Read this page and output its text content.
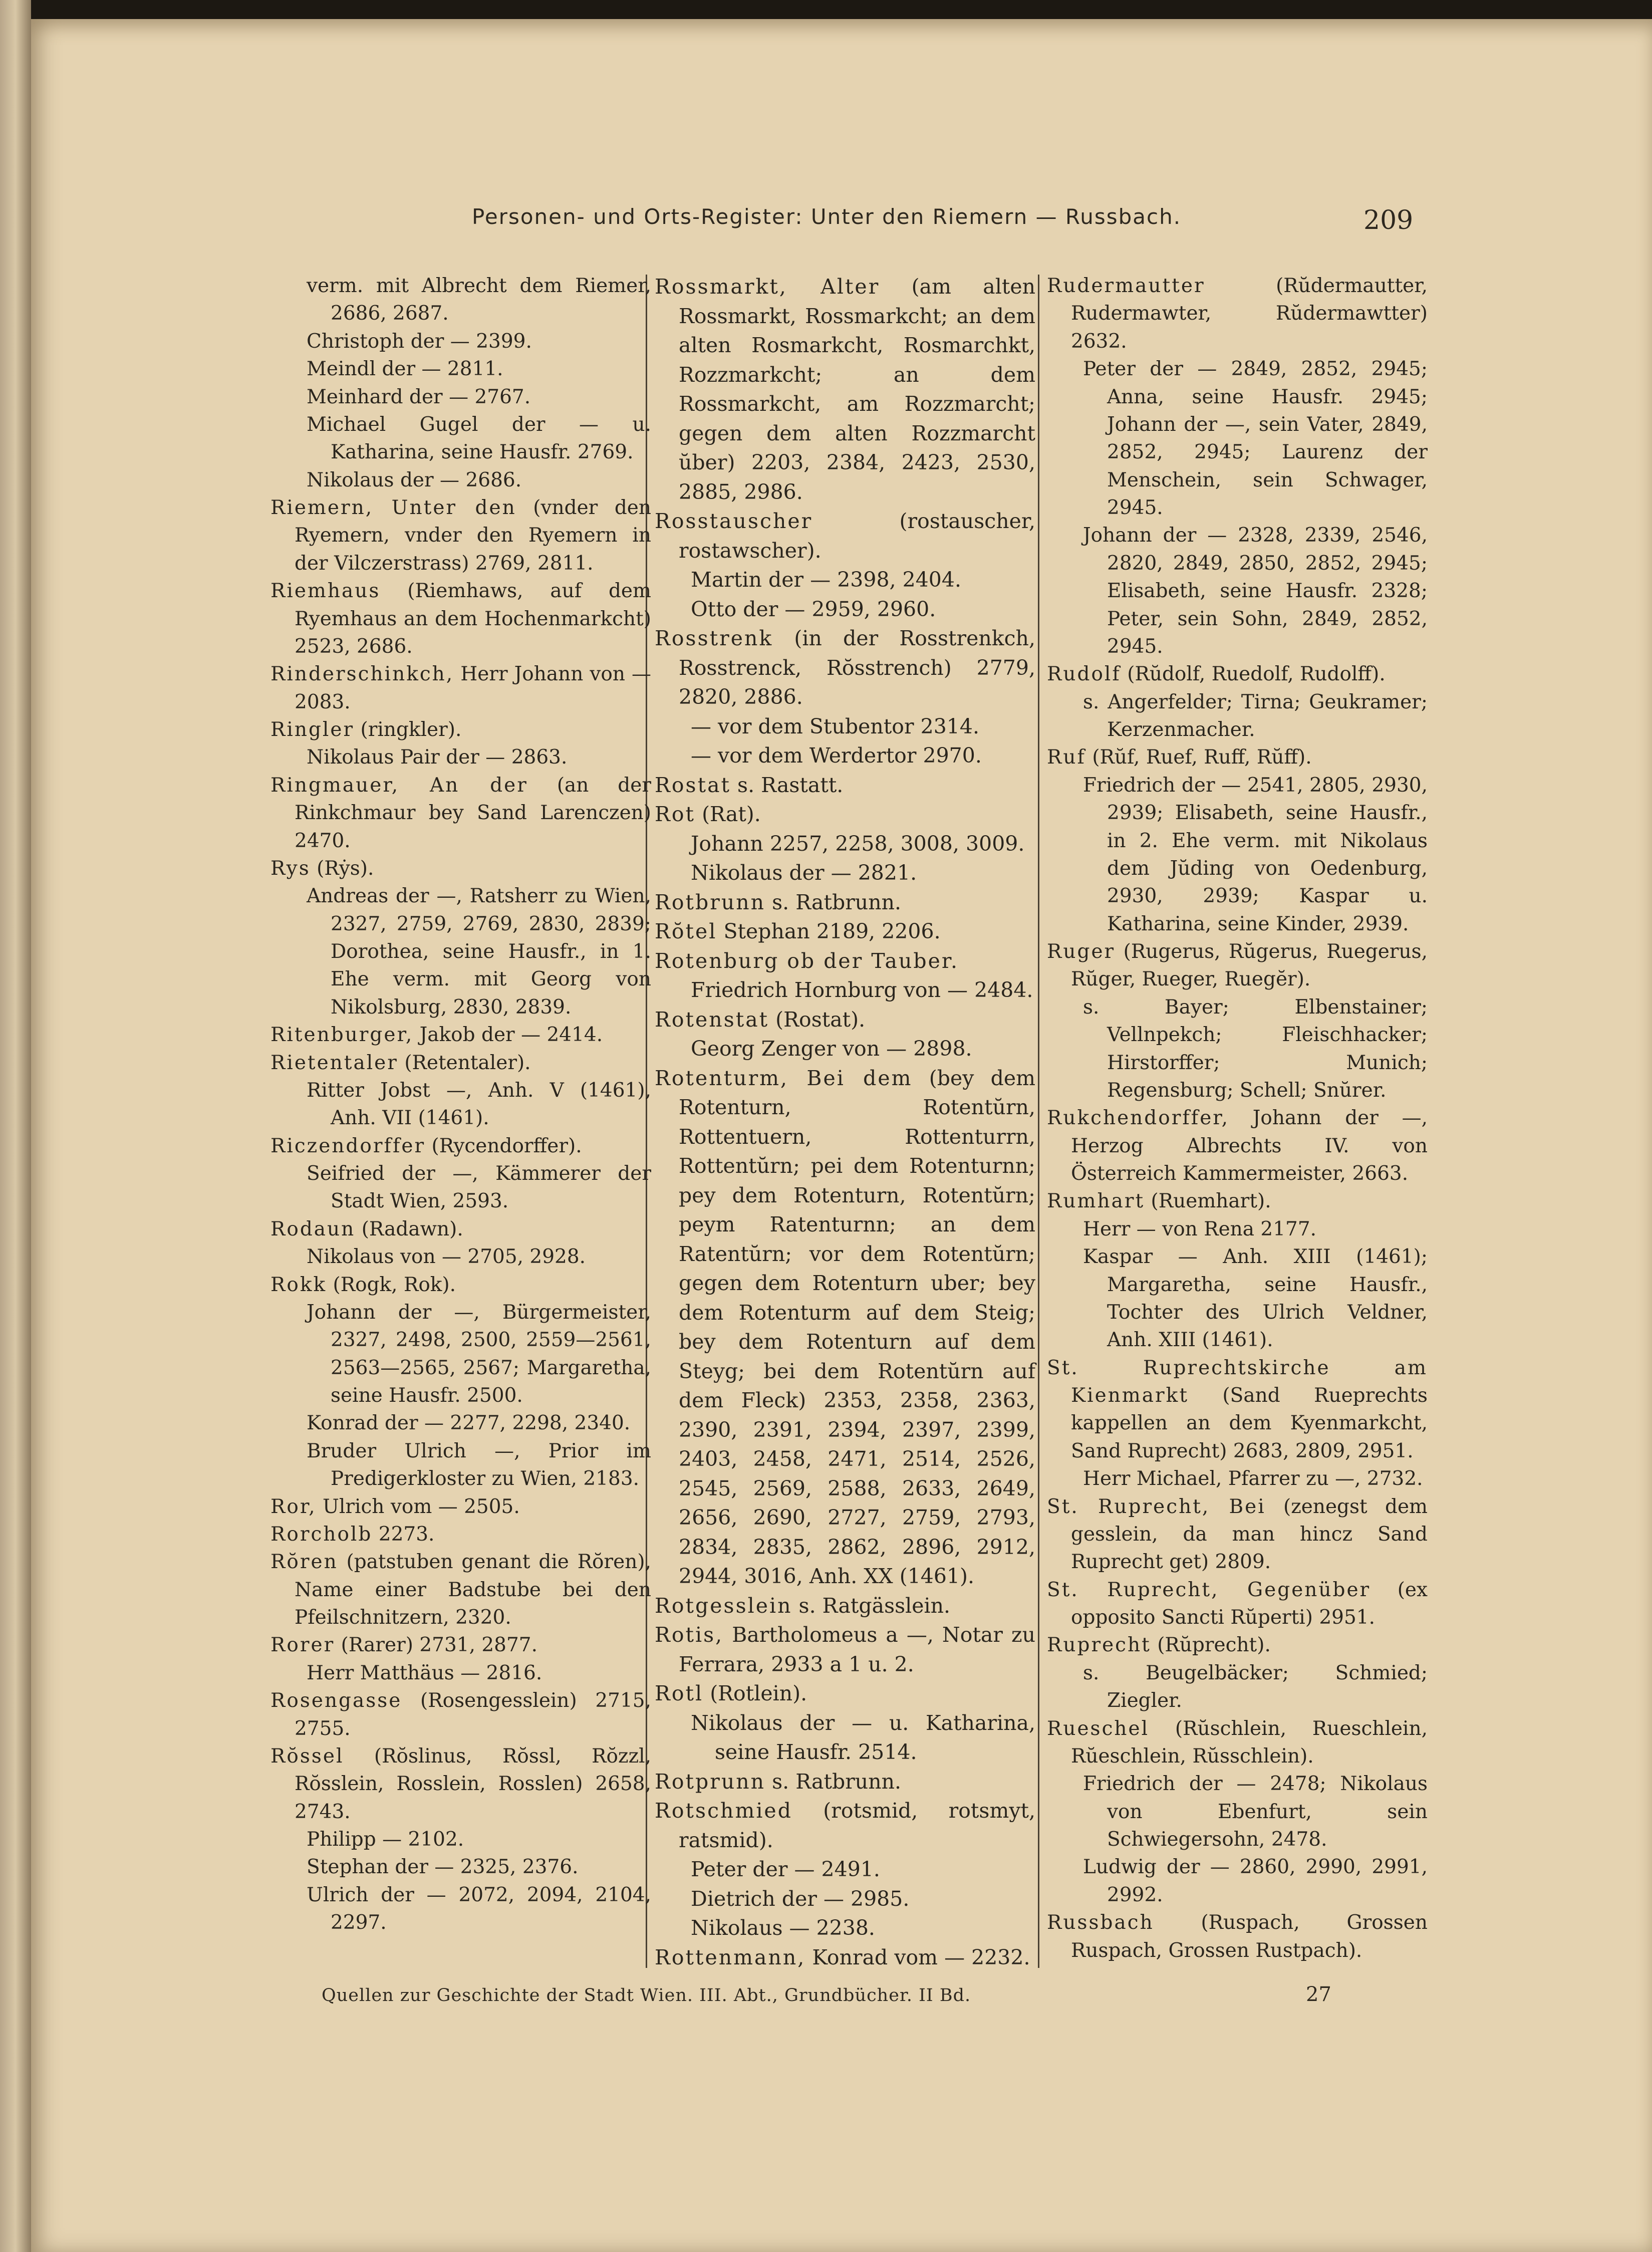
Personen- und Orts-Register: Unter den Riemern — Russbach.	209

verm. mit Albrecht dem Riemer, 2686, 2687.

Christoph der — 2399.

Meindl der — 2811.

Meinhard der — 2767.

Michael Gugel der — u. Katharina, seine Hausfr. 2769.

Nikolaus der — 2686.

Riemern, Unter den (vnder den Ryemern, vnder den Ryemern in der Vilczerstrass) 2769, 2811.

Riemhaus (Riemhaws, auf dem Ryemhaus an dem Hochenmarkcht) 2523, 2686.

Rinderschinkch, Herr Johann von — 2083.

Ringler (ringkler).

Nikolaus Pair der — 2863.

Ringmauer, An der (an der Rinkchmaur bey Sand Larenczen) 2470.

Rys (Rẏs).

Andreas der —, Ratsherr zu Wien, 2327, 2759, 2769, 2830, 2839; Dorothea, seine Hausfr., in 1. Ehe verm. mit Georg von Nikolsburg, 2830, 2839.

Ritenburger, Jakob der — 2414.

Rietentaler (Retentaler).

Ritter Jobst —, Anh. V (1461), Anh. VII (1461).

Riczendorffer (Rycendorffer).

Seifried der —, Kämmerer der Stadt Wien, 2593.

Rodaun (Radawn).

Nikolaus von — 2705, 2928.

Rokk (Rogk, Rok).

Johann der —, Bürgermeister, 2327, 2498, 2500, 2559—2561, 2563—2565, 2567; Margaretha, seine Hausfr. 2500.

Konrad der — 2277, 2298, 2340.

Bruder Ulrich —, Prior im Predigerkloster zu Wien, 2183.

Ror, Ulrich vom — 2505.

Rorcholb 2273.

Rŏren (patstuben genant die Rŏren), Name einer Badstube bei den Pfeilschnitzern, 2320.

Rorer (Rarer) 2731, 2877.

Herr Matthäus — 2816.

Rosengasse (Rosengesslein) 2715, 2755.

Rŏssel (Rŏslinus, Rŏssl, Rŏzzl, Rŏsslein, Rosslein, Rosslen) 2658, 2743.

Philipp — 2102.

Stephan der — 2325, 2376.

Ulrich der — 2072, 2094, 2104, 2297.

Rossmarkt, Alter (am alten Rossmarkt, Rossmarkcht; an dem alten Rosmarkcht, Rosmarchkt, Rozzmarkcht; an dem Rossmarkcht, am Rozzmarcht; gegen dem alten Rozzmarcht ŭber) 2203, 2384, 2423, 2530, 2885, 2986.

Rosstauscher (rostauscher, rostawscher).

Martin der — 2398, 2404.

Otto der — 2959, 2960.

Rosstrenk (in der Rosstrenkch, Rosstrenck, Rŏsstrench) 2779, 2820, 2886.

— vor dem Stubentor 2314.

— vor dem Werdertor 2970.

Rostat s. Rastatt.

Rot (Rat).

Johann 2257, 2258, 3008, 3009.

Nikolaus der — 2821.

Rotbrunn s. Ratbrunn.

Rŏtel Stephan 2189, 2206.

Rotenburg ob der Tauber.

Friedrich Hornburg von — 2484.

Rotenstat (Rostat).

Georg Zenger von — 2898.

Rotenturm, Bei dem (bey dem Rotenturn, Rotentŭrn, Rottentuern, Rottenturrn, Rottentŭrn; pei dem Rotenturnn; pey dem Rotenturn, Rotentŭrn; peym Ratenturnn; an dem Ratentŭrn; vor dem Rotentŭrn; gegen dem Rotenturn uber; bey dem Rotenturm auf dem Steig; bey dem Rotenturn auf dem Steyg; bei dem Rotentŭrn auf dem Fleck) 2353, 2358, 2363, 2390, 2391, 2394, 2397, 2399, 2403, 2458, 2471, 2514, 2526, 2545, 2569, 2588, 2633, 2649, 2656, 2690, 2727, 2759, 2793, 2834, 2835, 2862, 2896, 2912, 2944, 3016, Anh. XX (1461).

Rotgesslein s. Ratgässlein.

Rotis, Bartholomeus a —, Notar zu Ferrara, 2933 a 1 u. 2.

Rotl (Rotlein).

Nikolaus der — u. Katharina, seine Hausfr. 2514.

Rotprunn s. Ratbrunn.

Rotschmied (rotsmid, rotsmyt, ratsmid).

Peter der — 2491.

Dietrich der — 2985.

Nikolaus — 2238.

Rottenmann, Konrad vom — 2232.

Rudermautter (Rŭdermautter, Rudermawter, Rŭdermawtter) 2632.

Peter der — 2849, 2852, 2945; Anna, seine Hausfr. 2945; Johann der —, sein Vater, 2849, 2852, 2945; Laurenz der Menschein, sein Schwager, 2945.

Johann der — 2328, 2339, 2546, 2820, 2849, 2850, 2852, 2945; Elisabeth, seine Hausfr. 2328; Peter, sein Sohn, 2849, 2852, 2945.

Rudolf (Rŭdolf, Ruedolf, Rudolff).

s. Angerfelder; Tirna; Geukramer; Kerzenmacher.

Ruf (Rŭf, Ruef, Ruff, Rŭff).

Friedrich der — 2541, 2805, 2930, 2939; Elisabeth, seine Hausfr., in 2. Ehe verm. mit Nikolaus dem Jŭding von Oedenburg, 2930, 2939; Kaspar u. Katharina, seine Kinder, 2939.

Ruger (Rugerus, Rŭgerus, Ruegerus, Rŭger, Rueger, Ruegĕr).

s. Bayer; Elbenstainer; Vellnpekch; Fleischhacker; Hirstorffer; Munich; Regensburg; Schell; Snŭrer.

Rukchendorffer, Johann der —, Herzog Albrechts IV. von Österreich Kammermeister, 2663.

Rumhart (Ruemhart).

Herr — von Rena 2177.

Kaspar — Anh. XIII (1461); Margaretha, seine Hausfr., Tochter des Ulrich Veldner, Anh. XIII (1461).

St. Ruprechtskirche am Kienmarkt (Sand Rueprechts kappellen an dem Kyenmarkcht, Sand Ruprecht) 2683, 2809, 2951.

Herr Michael, Pfarrer zu —, 2732.

St. Ruprecht, Bei (zenegst dem gesslein, da man hincz Sand Ruprecht get) 2809.

St. Ruprecht, Gegenüber (ex opposito Sancti Rŭperti) 2951.

Ruprecht (Rŭprecht).

s. Beugelbäcker; Schmied; Ziegler.

Rueschel (Rŭschlein, Rueschlein, Rŭeschlein, Rŭsschlein).

Friedrich der — 2478; Nikolaus von Ebenfurt, sein Schwiegersohn, 2478.

Ludwig der — 2860, 2990, 2991, 2992.

Russbach (Ruspach, Grossen Ruspach, Grossen Rustpach).

Quellen zur Geschichte der Stadt Wien. III. Abt., Grundbücher. II Bd.	27
